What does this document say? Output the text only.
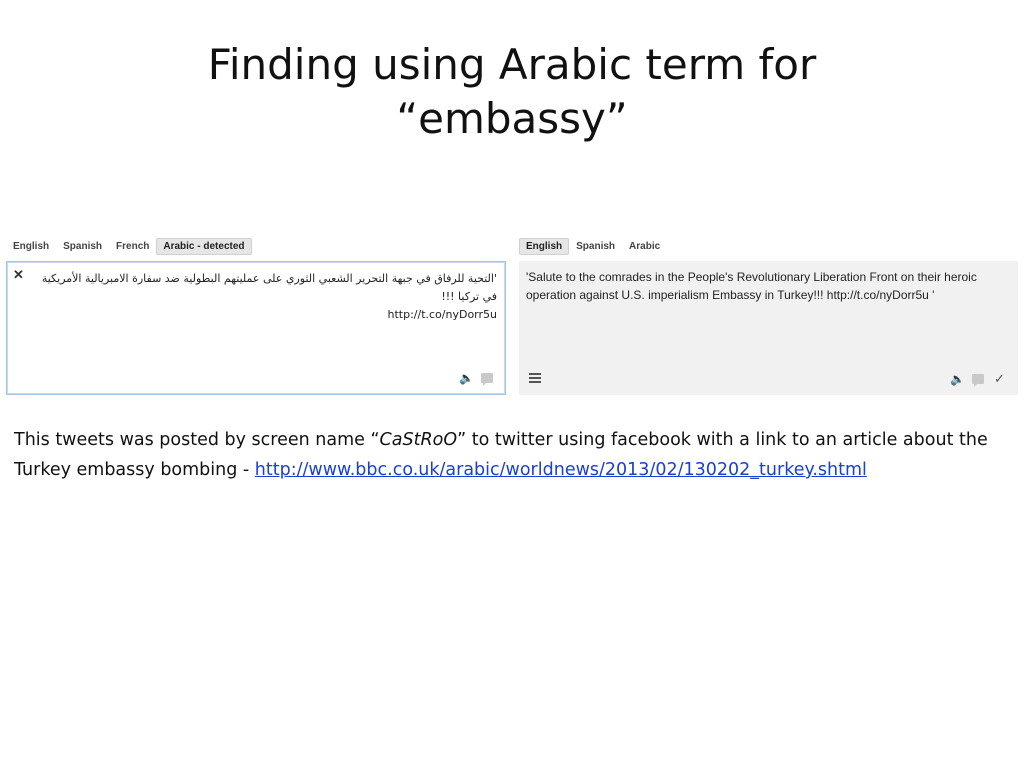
Finding using Arabic term for
“embassy”
English	Spanish	French	Arabic - detected
✕	'التحية للرفاق في جبهة التحرير الشعبي الثوري على عمليتهم البطولية ضد سفارة الامبريالية الأمريكية في تركيا !!!
http://t.co/nyDorr5u
🔈
English	Spanish	Arabic
'Salute to the comrades in the People's Revolutionary Liberation Front on their heroic operation against U.S. imperialism Embassy in Turkey!!! http://t.co/nyDorr5u '
🔈 ✓
This tweets was posted by screen name “CaStRoO” to twitter using facebook with a link to an article about the Turkey embassy bombing - http://www.bbc.co.uk/arabic/worldnews/2013/02/130202_turkey.shtml
